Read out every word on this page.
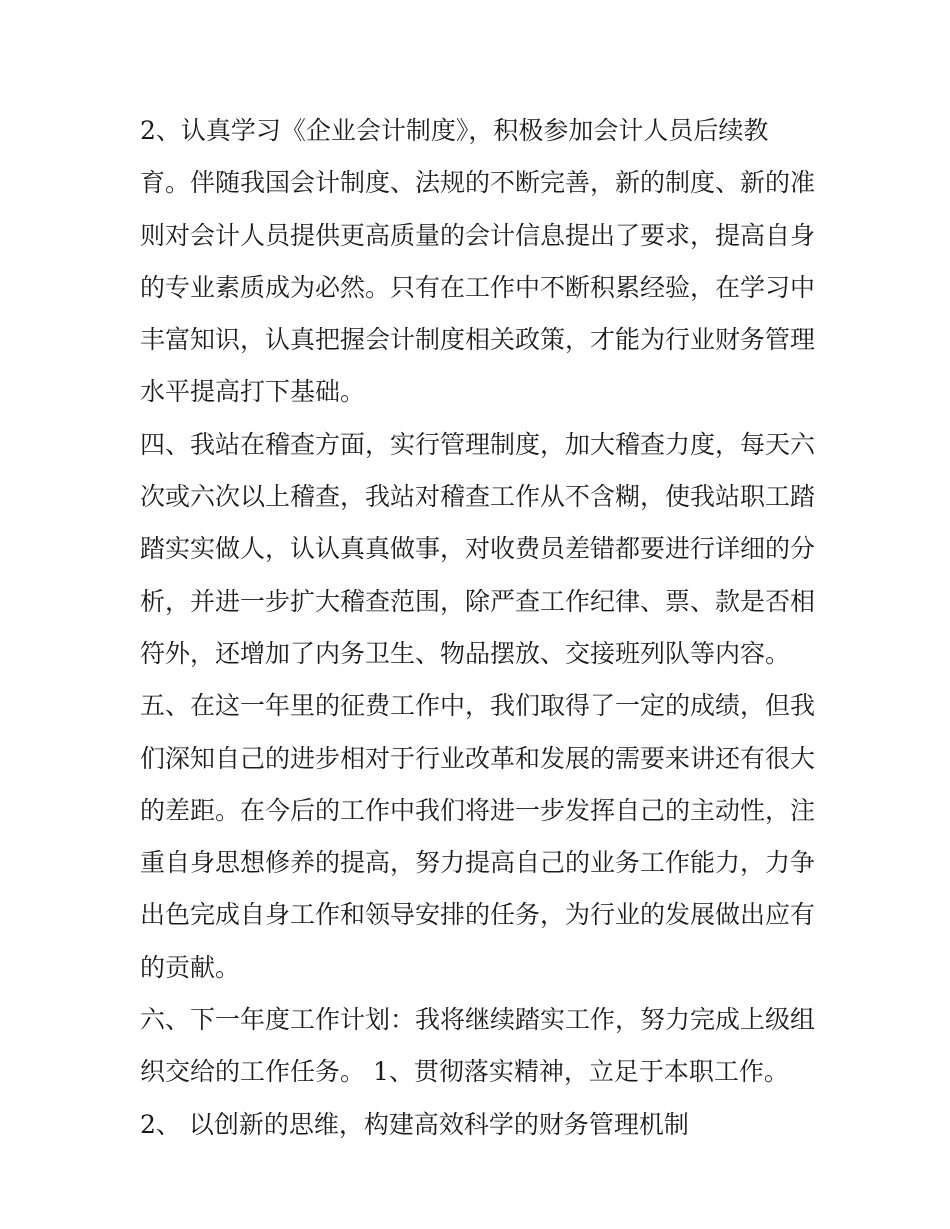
2、认真学习《企业会计制度》，积极参加会计人员后续教
育。伴随我国会计制度、法规的不断完善，新的制度、新的准
则对会计人员提供更高质量的会计信息提出了要求，提高自身
的专业素质成为必然。只有在工作中不断积累经验，在学习中
丰富知识，认真把握会计制度相关政策，才能为行业财务管理
水平提高打下基础。
四、我站在稽查方面，实行管理制度，加大稽查力度，每天六
次或六次以上稽查，我站对稽查工作从不含糊，使我站职工踏
踏实实做人，认认真真做事，对收费员差错都要进行详细的分
析，并进一步扩大稽查范围，除严查工作纪律、票、款是否相
符外，还增加了内务卫生、物品摆放、交接班列队等内容。
五、在这一年里的征费工作中，我们取得了一定的成绩，但我
们深知自己的进步相对于行业改革和发展的需要来讲还有很大
的差距。在今后的工作中我们将进一步发挥自己的主动性，注
重自身思想修养的提高，努力提高自己的业务工作能力，力争
出色完成自身工作和领导安排的任务，为行业的发展做出应有
的贡献。
六、下一年度工作计划：我将继续踏实工作，努力完成上级组
织交给的工作任务。 1、贯彻落实精神，立足于本职工作。
2、 以创新的思维，构建高效科学的财务管理机制
